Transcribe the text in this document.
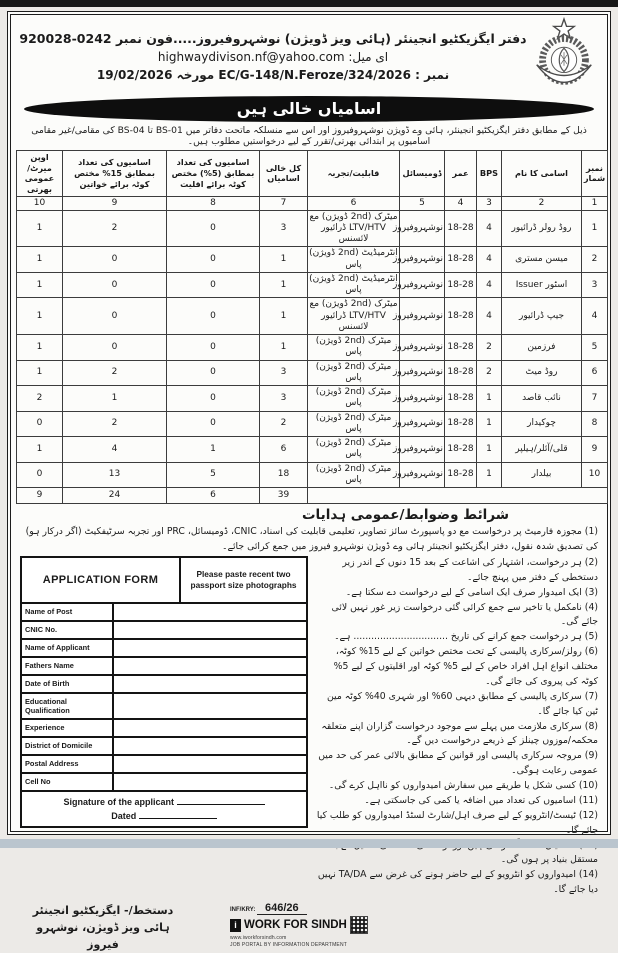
دفتر ایگزیکٹیو انجینئر (ہائی ویز ڈویژن) نوشہروفیروز.....فون نمبر 0242-920028
ای میل: highwaydivison.nf@yahoo.com
نمبر : EC/G-148/N.Feroze/324/2026 مورخہ 19/02/2026
اسامیاں خالی ہیں
ذیل کے مطابق دفتر ایگزیکٹیو انجینئر، ہائی وے ڈویژن نوشہروفیروز اور اس سے منسلکہ ماتحت دفاتر میں BS-01 تا BS-04 کی مقامی/غیر مقامی اسامیوں پر ابتدائی بھرتی/تقرر کے لیے درخواستیں مطلوب ہیں۔
نمبر شمار	اسامی کا نام	BPS	عمر	ڈومیسائل	قابلیت/تجربہ	کل خالی اسامیاں	اسامیوں کی تعداد بمطابق (5%) مختص کوٹہ برائے اقلیت	اسامیوں کی تعداد بمطابق 15% مختص کوٹہ برائے خواتین	اوپن میرٹ/عمومی بھرتی
1	2	3	4	5	6	7	8	9	10
1	روڈ رولر ڈرائیور	4	18-28	نوشہروفیروز	میٹرک (2nd ڈویژن) مع LTV/HTV ڈرائیور لائسنس	3	0	2	1
2	میسن مستری	4	18-28	نوشہروفیروز	انٹرمیڈیٹ (2nd ڈویژن) پاس	1	0	0	1
3	اسٹور Issuer	4	18-28	نوشہروفیروز	انٹرمیڈیٹ (2nd ڈویژن) پاس	1	0	0	1
4	جیپ ڈرائیور	4	18-28	نوشہروفیروز	میٹرک (2nd ڈویژن) مع LTV/HTV ڈرائیور لائسنس	1	0	0	1
5	فرزمین	2	18-28	نوشہروفیروز	میٹرک (2nd ڈویژن) پاس	1	0	0	1
6	روڈ میٹ	2	18-28	نوشہروفیروز	میٹرک (2nd ڈویژن) پاس	3	0	2	1
7	نائب قاصد	1	18-28	نوشہروفیروز	میٹرک (2nd ڈویژن) پاس	3	0	1	2
8	چوکیدار	1	18-28	نوشہروفیروز	میٹرک (2nd ڈویژن) پاس	2	0	2	0
9	قلی/آئلر/ہیلپر	1	18-28	نوشہروفیروز	میٹرک (2nd ڈویژن) پاس	6	1	4	1
10	بیلدار	1	18-28	نوشہروفیروز	میٹرک (2nd ڈویژن) پاس	18	5	13	0
						39	6	24	9
شرائط وضوابط/عمومی ہدایات
(1) مجوزہ فارمیٹ پر درخواست مع دو پاسپورٹ سائز تصاویر، تعلیمی قابلیت کی اسناد، CNIC، ڈومیسائل، PRC اور تجربہ سرٹیفکیٹ (اگر درکار ہو) کی تصدیق شدہ نقول، دفتر ایگزیکٹیو انجینئر ہائی وے ڈویژن نوشہرو فیروز میں جمع کرائی جائے۔
APPLICATION FORM
Please paste recent two passport size photographs
Name of Post
CNIC No.
Name of Applicant
Fathers Name
Date of Birth
Educational Qualification
Experience
District of Domicile
Postal Address
Cell No
Signature of the applicant
Dated
(2) ہر درخواست، اشتہار کی اشاعت کے بعد 15 دنوں کے اندر زیر دستخطی کے دفتر میں پہنچ جائے۔
(3) ایک امیدوار صرف ایک اسامی کے لیے درخواست دے سکتا ہے۔
(4) نامکمل یا تاخیر سے جمع کرائی گئی درخواست زیر غور نہیں لائی جائے گی۔
(5) ہر درخواست جمع کرانے کی تاریخ ................................ ہے۔
(6) رولز/سرکاری پالیسی کے تحت مختص خواتین کے لیے 15% کوٹہ، مختلف انواع اہل افراد خاص کے لیے 5% کوٹہ اور اقلیتوں کے لیے 5% کوٹہ کی پیروی کی جائے گی۔
(7) سرکاری پالیسی کے مطابق دیہی 60% اور شہری 40% کوٹہ مین ٹین کیا جائے گا۔
(8) سرکاری ملازمت میں پہلے سے موجود درخواست گزاران اپنے متعلقہ محکمہ/موزوں چینلز کے ذریعے درخواست دیں گے۔
(9) مروجہ سرکاری پالیسی اور قوانین کے مطابق بالائی عمر کی حد میں عمومی رعایت ہوگی۔
(10) کسی شکل یا طریقے میں سفارش امیدواروں کو نااہل کرے گی۔
(11) اسامیوں کی تعداد میں اضافہ یا کمی کی جاسکتی ہے۔
(12) ٹیسٹ/انٹرویو کے لیے صرف اہل/شارٹ لسٹڈ امیدواروں کو طلب کیا جائے گا۔
مستقل بنیاد پر ہوں گی۔
(14) امیدواروں کو انٹرویو کے لیے حاضر ہونے کی غرض سے TA/DA نہیں دیا جائے گا۔
دستخط/- ایگزیکٹیو انجینئر
ہائی ویز ڈویژن، نوشہرو فیروز
INF/KRY: 646/26
i WORK FOR SINDH
www.iworkforsindh.com
JOB PORTAL BY INFORMATION DEPARTMENT
